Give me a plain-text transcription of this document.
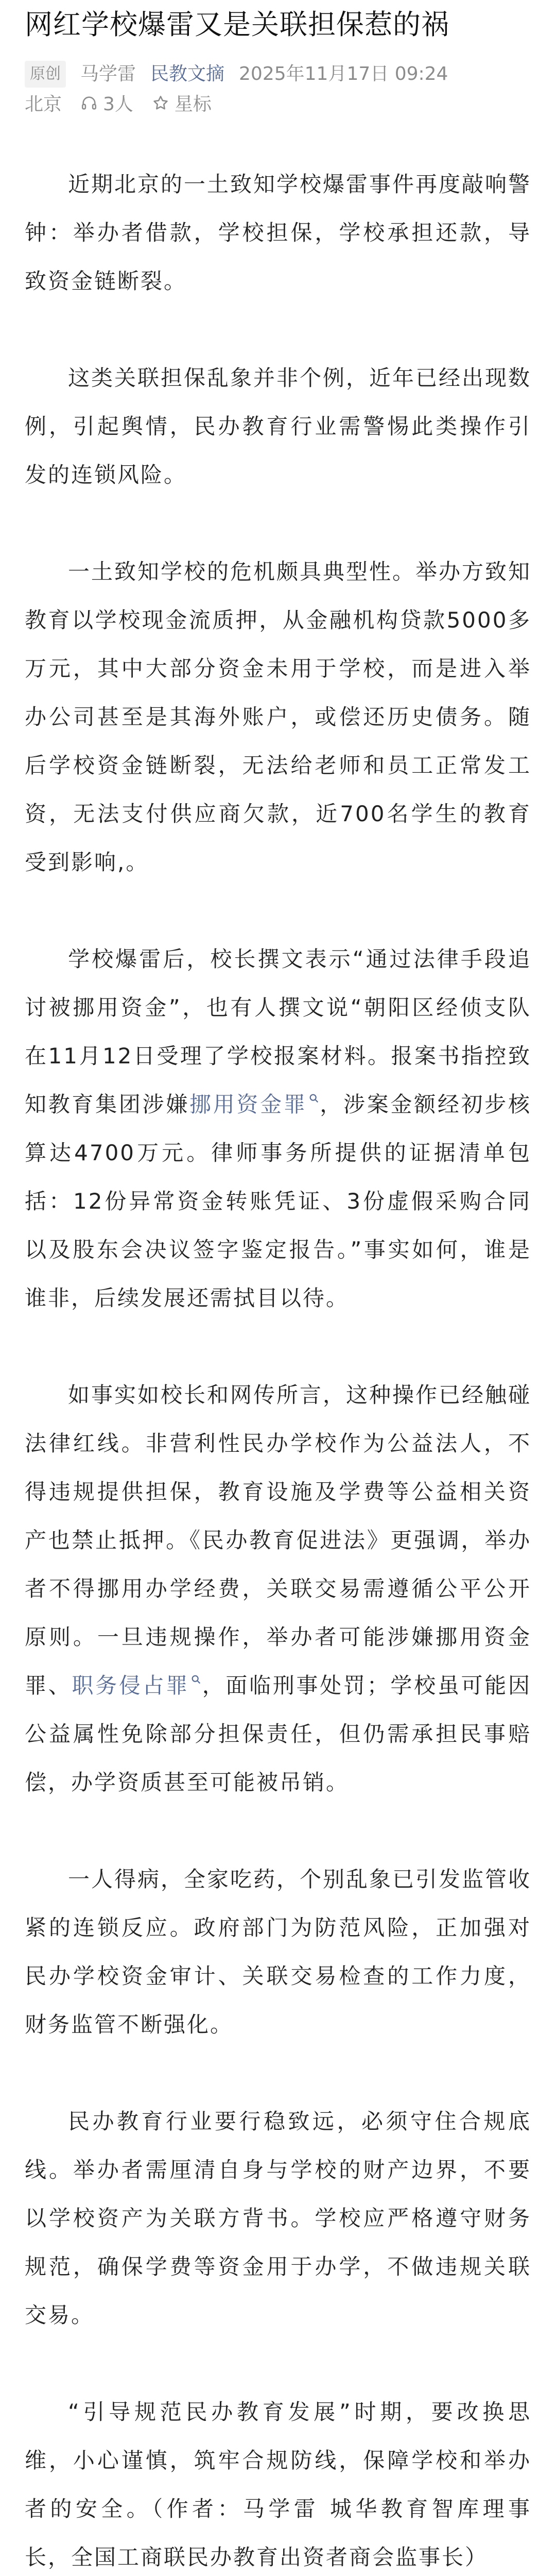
网红学校爆雷又是关联担保惹的祸
原创 马学雷 民教文摘 2025年11月17日 09:24
北京 3人 星标

近期北京的一土致知学校爆雷事件再度敲响警钟：举办者借款，学校担保，学校承担还款，导致资金链断裂。

这类关联担保乱象并非个例，近年已经出现数例，引起舆情，民办教育行业需警惕此类操作引发的连锁风险。

一土致知学校的危机颇具典型性。举办方致知教育以学校现金流质押，从金融机构贷款5000多万元，其中大部分资金未用于学校，而是进入举办公司甚至是其海外账户，或偿还历史债务。随后学校资金链断裂，无法给老师和员工正常发工资，无法支付供应商欠款，近700名学生的教育受到影响,。

学校爆雷后，校长撰文表示“通过法律手段追讨被挪用资金”，也有人撰文说“朝阳区经侦支队在11月12日受理了学校报案材料。报案书指控致知教育集团涉嫌挪用资金罪 ，涉案金额经初步核算达4700万元。律师事务所提供的证据清单包括：12份异常资金转账凭证、3份虚假采购合同以及股东会决议签字鉴定报告。”事实如何，谁是谁非，后续发展还需拭目以待。

如事实如校长和网传所言，这种操作已经触碰法律红线。非营利性民办学校作为公益法人，不得违规提供担保，教育设施及学费等公益相关资产也禁止抵押。《民办教育促进法》更强调，举办者不得挪用办学经费，关联交易需遵循公平公开原则。一旦违规操作，举办者可能涉嫌挪用资金罪、职务侵占罪 ，面临刑事处罚；学校虽可能因公益属性免除部分担保责任，但仍需承担民事赔偿，办学资质甚至可能被吊销。

一人得病，全家吃药，个别乱象已引发监管收紧的连锁反应。政府部门为防范风险，正加强对民办学校资金审计、关联交易检查的工作力度，财务监管不断强化。

民办教育行业要行稳致远，必须守住合规底线。举办者需厘清自身与学校的财产边界，不要以学校资产为关联方背书。学校应严格遵守财务规范，确保学费等资金用于办学，不做违规关联交易。

“引导规范民办教育发展”时期，要改换思维，小心谨慎，筑牢合规防线，保障学校和举办者的安全。（作者：马学雷 城华教育智库理事长，全国工商联民办教育出资者商会监事长）
